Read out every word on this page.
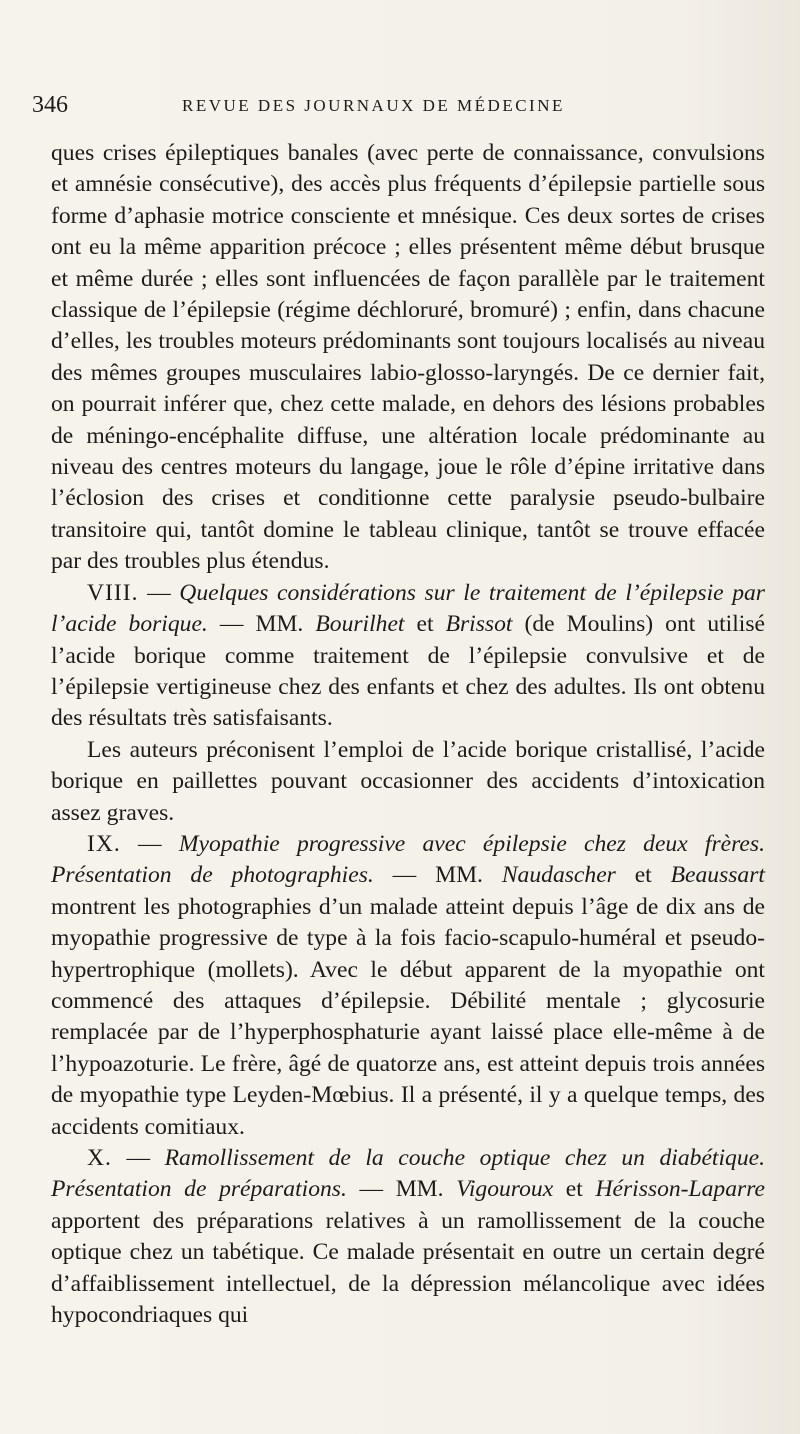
346	REVUE DES JOURNAUX DE MÉDECINE

ques crises épileptiques banales (avec perte de connaissance, convulsions et amnésie consécutive), des accès plus fréquents d’épilepsie partielle sous forme d’aphasie motrice consciente et mnésique. Ces deux sortes de crises ont eu la même apparition précoce ; elles présentent même début brusque et même durée ; elles sont influencées de façon parallèle par le traitement classique de l’épilepsie (régime déchloruré, bromuré) ; enfin, dans chacune d’elles, les troubles moteurs prédominants sont toujours localisés au niveau des mêmes groupes musculaires labio-glosso-laryngés. De ce dernier fait, on pourrait inférer que, chez cette malade, en dehors des lésions probables de méningo-encéphalite diffuse, une altération locale prédominante au niveau des centres moteurs du langage, joue le rôle d’épine irritative dans l’éclosion des crises et conditionne cette paralysie pseudo-bulbaire transitoire qui, tantôt domine le tableau clinique, tantôt se trouve effacée par des troubles plus étendus.

VIII. — Quelques considérations sur le traitement de l’épilepsie par l’acide borique. — MM. Bourilhet et Brissot (de Moulins) ont utilisé l’acide borique comme traitement de l’épilepsie convulsive et de l’épilepsie vertigineuse chez des enfants et chez des adultes. Ils ont obtenu des résultats très satisfaisants.

Les auteurs préconisent l’emploi de l’acide borique cristallisé, l’acide borique en paillettes pouvant occasionner des accidents d’intoxication assez graves.

IX. — Myopathie progressive avec épilepsie chez deux frères. Présentation de photographies. — MM. Naudascher et Beaussart montrent les photographies d’un malade atteint depuis l’âge de dix ans de myopathie progressive de type à la fois facio-scapulo-huméral et pseudo-hypertrophique (mollets). Avec le début apparent de la myopathie ont commencé des attaques d’épilepsie. Débilité mentale ; glycosurie remplacée par de l’hyperphosphaturie ayant laissé place elle-même à de l’hypoazoturie. Le frère, âgé de quatorze ans, est atteint depuis trois années de myopathie type Leyden-Mœbius. Il a présenté, il y a quelque temps, des accidents comitiaux.

X. — Ramollissement de la couche optique chez un diabétique. Présentation de préparations. — MM. Vigouroux et Hérisson-Laparre apportent des préparations relatives à un ramollissement de la couche optique chez un tabétique. Ce malade présentait en outre un certain degré d’affaiblissement intellectuel, de la dépression mélancolique avec idées hypocondriaques qui
